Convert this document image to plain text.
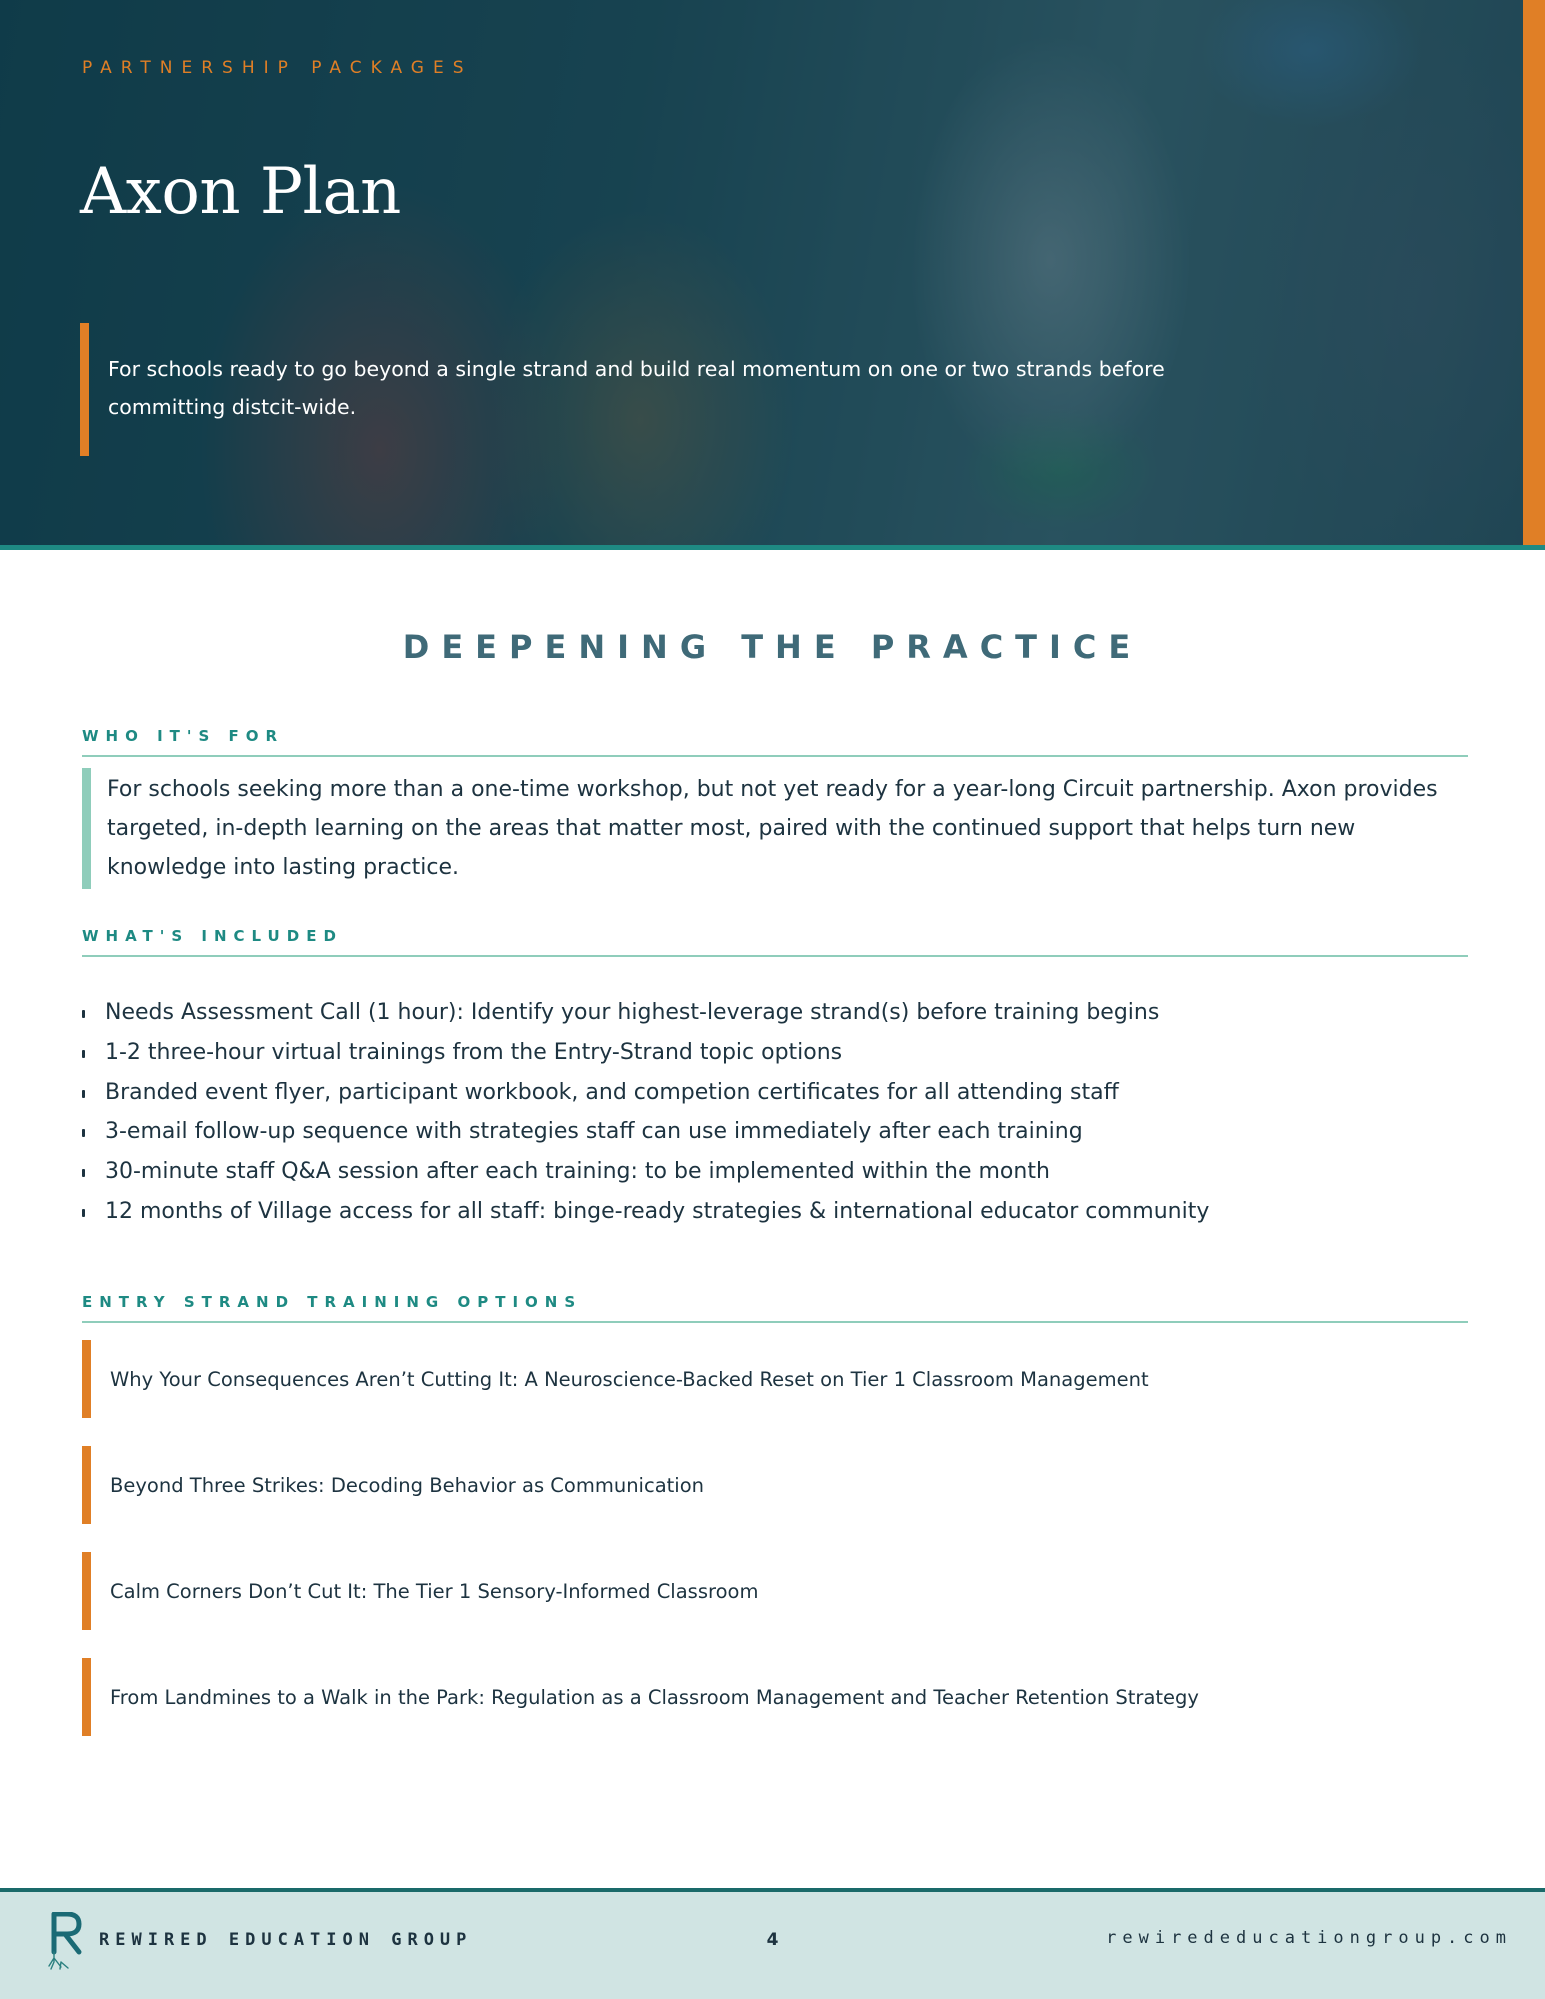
PARTNERSHIP PACKAGES
Axon Plan

For schools ready to go beyond a single strand and build real momentum on one or two strands before committing distcit-wide.

DEEPENING THE PRACTICE
WHO IT'S FOR

For schools seeking more than a one-time workshop, but not yet ready for a year-long Circuit partnership. Axon provides targeted, in-depth learning on the areas that matter most, paired with the continued support that helps turn new knowledge into lasting practice.

WHAT'S INCLUDED
Needs Assessment Call (1 hour): Identify your highest-leverage strand(s) before training begins
1-2 three-hour virtual trainings from the Entry-Strand topic options
Branded event flyer, participant workbook, and competion certificates for all attending staff
3-email follow-up sequence with strategies staff can use immediately after each training
30-minute staff Q&A session after each training: to be implemented within the month
12 months of Village access for all staff: binge-ready strategies & international educator community
ENTRY STRAND TRAINING OPTIONS
Why Your Consequences Aren’t Cutting It: A Neuroscience-Backed Reset on Tier 1 Classroom Management
Beyond Three Strikes: Decoding Behavior as Communication
Calm Corners Don’t Cut It: The Tier 1 Sensory-Informed Classroom
From Landmines to a Walk in the Park: Regulation as a Classroom Management and Teacher Retention Strategy
REWIRED EDUCATION GROUP	4	rewirededucationgroup.com
